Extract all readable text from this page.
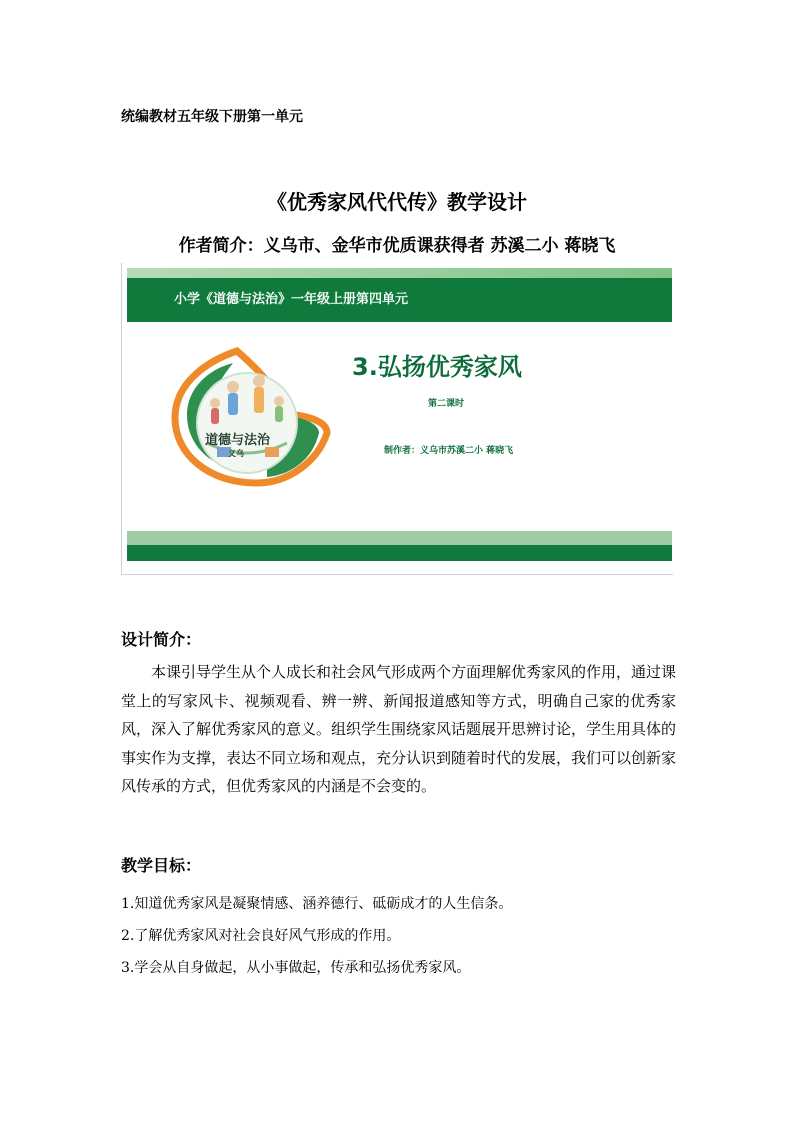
统编教材五年级下册第一单元
《优秀家风代代传》教学设计
作者简介：义乌市、金华市优质课获得者 苏溪二小 蒋晓飞
小学《道德与法治》一年级上册第四单元
道德与法治
义乌
3.弘扬优秀家风
第二课时
制作者：义乌市苏溪二小 蒋晓飞
设计简介：
本课引导学生从个人成长和社会风气形成两个方面理解优秀家风的作用，通过课堂上的写家风卡、视频观看、辨一辨、新闻报道感知等方式，明确自己家的优秀家风，深入了解优秀家风的意义。组织学生围绕家风话题展开思辨讨论，学生用具体的事实作为支撑，表达不同立场和观点，充分认识到随着时代的发展，我们可以创新家风传承的方式，但优秀家风的内涵是不会变的。
教学目标：
1.知道优秀家风是凝聚情感、涵养德行、砥砺成才的人生信条。
2.了解优秀家风对社会良好风气形成的作用。
3.学会从自身做起，从小事做起，传承和弘扬优秀家风。
